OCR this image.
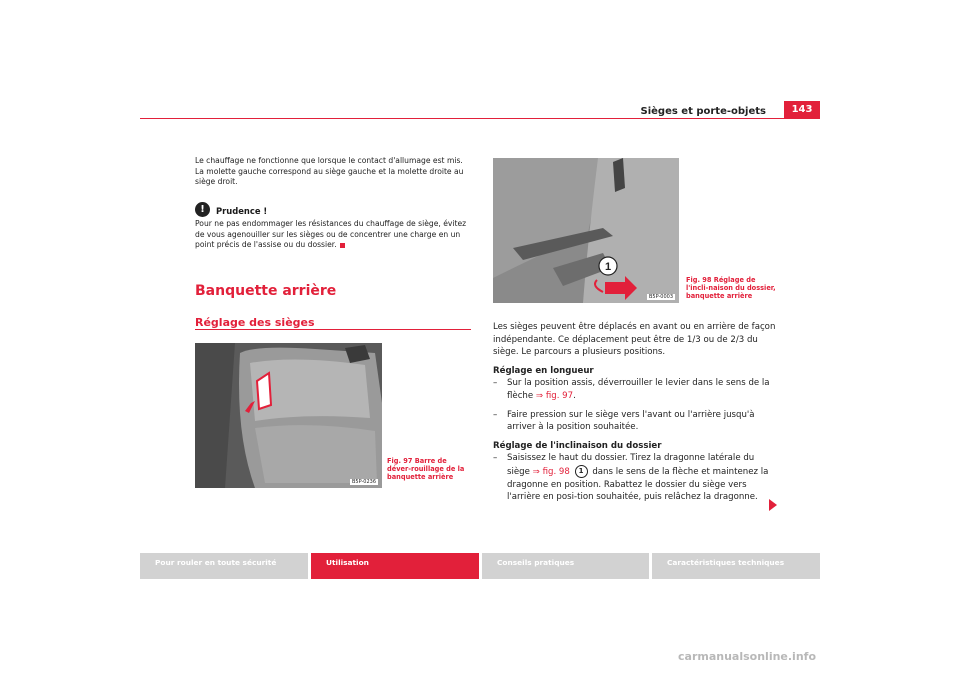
Sièges et porte-objets	143
Le chauffage ne fonctionne que lorsque le contact d'allumage est mis. La molette gauche correspond au siège gauche et la molette droite au siège droit.
!	Prudence !
Pour ne pas endommager les résistances du chauffage de siège, évitez de vous agenouiller sur les sièges ou de concentrer une charge en un point précis de l'assise ou du dossier.
Banquette arrière
Réglage des sièges
B5P-0236
Fig. 97 Barre de déver-rouillage de la banquette arrière
1
B5P-0003
Fig. 98 Réglage de l'incli-naison du dossier, banquette arrière
Les sièges peuvent être déplacés en avant ou en arrière de façon indépendante. Ce déplacement peut être de 1/3 ou de 2/3 du siège. Le parcours a plusieurs positions.
Réglage en longueur
– Sur la position assis, déverrouiller le levier dans le sens de la flèche ⇒ fig. 97.
– Faire pression sur le siège vers l'avant ou l'arrière jusqu'à arriver à la position souhaitée.
Réglage de l'inclinaison du dossier
– Saisissez le haut du dossier. Tirez la dragonne latérale du siège ⇒ fig. 98 1 dans le sens de la flèche et maintenez la dragonne en position. Rabattez le dossier du siège vers l'arrière en posi-tion souhaitée, puis relâchez la dragonne.
Pour rouler en toute sécurité	Utilisation	Conseils pratiques	Caractéristiques techniques
carmanualsonline.info
